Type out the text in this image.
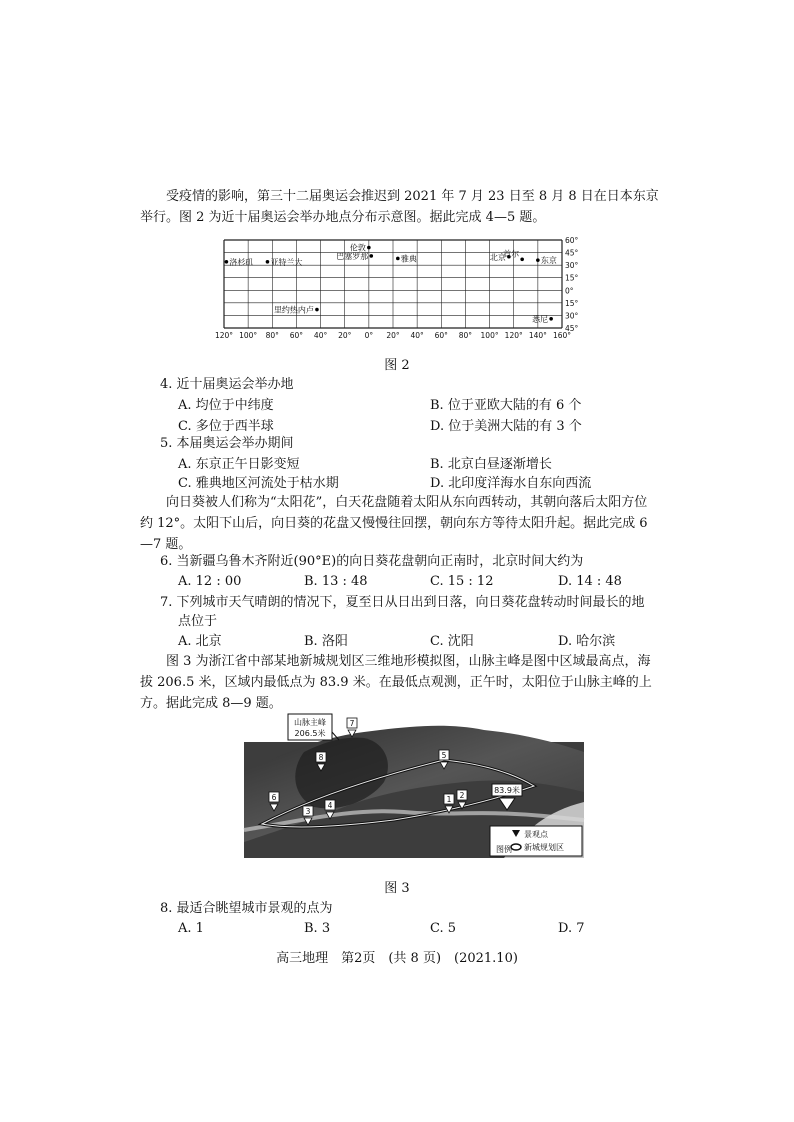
受疫情的影响，第三十二届奥运会推迟到 2021 年 7 月 23 日至 8 月 8 日在日本东京举行。图 2 为近十届奥运会举办地点分布示意图。据此完成 4—5 题。

60°
45°
30°
15°
0°
15°
30°
45°
120° 100° 80° 60° 40° 20° 0° 20° 40° 60° 80° 100° 120° 140° 160°
洛杉矶 亚特兰大
巴塞罗那
伦敦
雅典	北京
首尔
东京
里约热内卢
悉尼
图 2

4. 近十届奥运会举办地

A. 均位于中纬度	B. 位于亚欧大陆的有 6 个
C. 多位于西半球	D. 位于美洲大陆的有 3 个

5. 本届奥运会举办期间

A. 东京正午日影变短	B. 北京白昼逐渐增长
C. 雅典地区河流处于枯水期	D. 北印度洋海水自东向西流

向日葵被人们称为“太阳花”，白天花盘随着太阳从东向西转动，其朝向落后太阳方位约 12°。太阳下山后，向日葵的花盘又慢慢往回摆，朝向东方等待太阳升起。据此完成 6—7 题。

6. 当新疆乌鲁木齐附近(90°E)的向日葵花盘朝向正南时，北京时间大约为

A. 12 : 00	B. 13 : 48	C. 15 : 12	D. 14 : 48

7. 下列城市天气晴朗的情况下，夏至日从日出到日落，向日葵花盘转动时间最长的地

点位于

A. 北京	B. 洛阳	C. 沈阳	D. 哈尔滨

图 3 为浙江省中部某地新城规划区三维地形模拟图，山脉主峰是图中区域最高点，海拔 206.5 米，区域内最低点为 83.9 米。在最低点观测，正午时，太阳位于山脉主峰的上方。据此完成 8—9 题。

山脉主峰
206.5米
83.9米
1 2
3
4
5
6
7
8
图例
景观点
新城规划区
图 3

8. 最适合眺望城市景观的点为

A. 1	B. 3	C. 5	D. 7
高三地理　第2页　(共 8 页)　(2021.10)
